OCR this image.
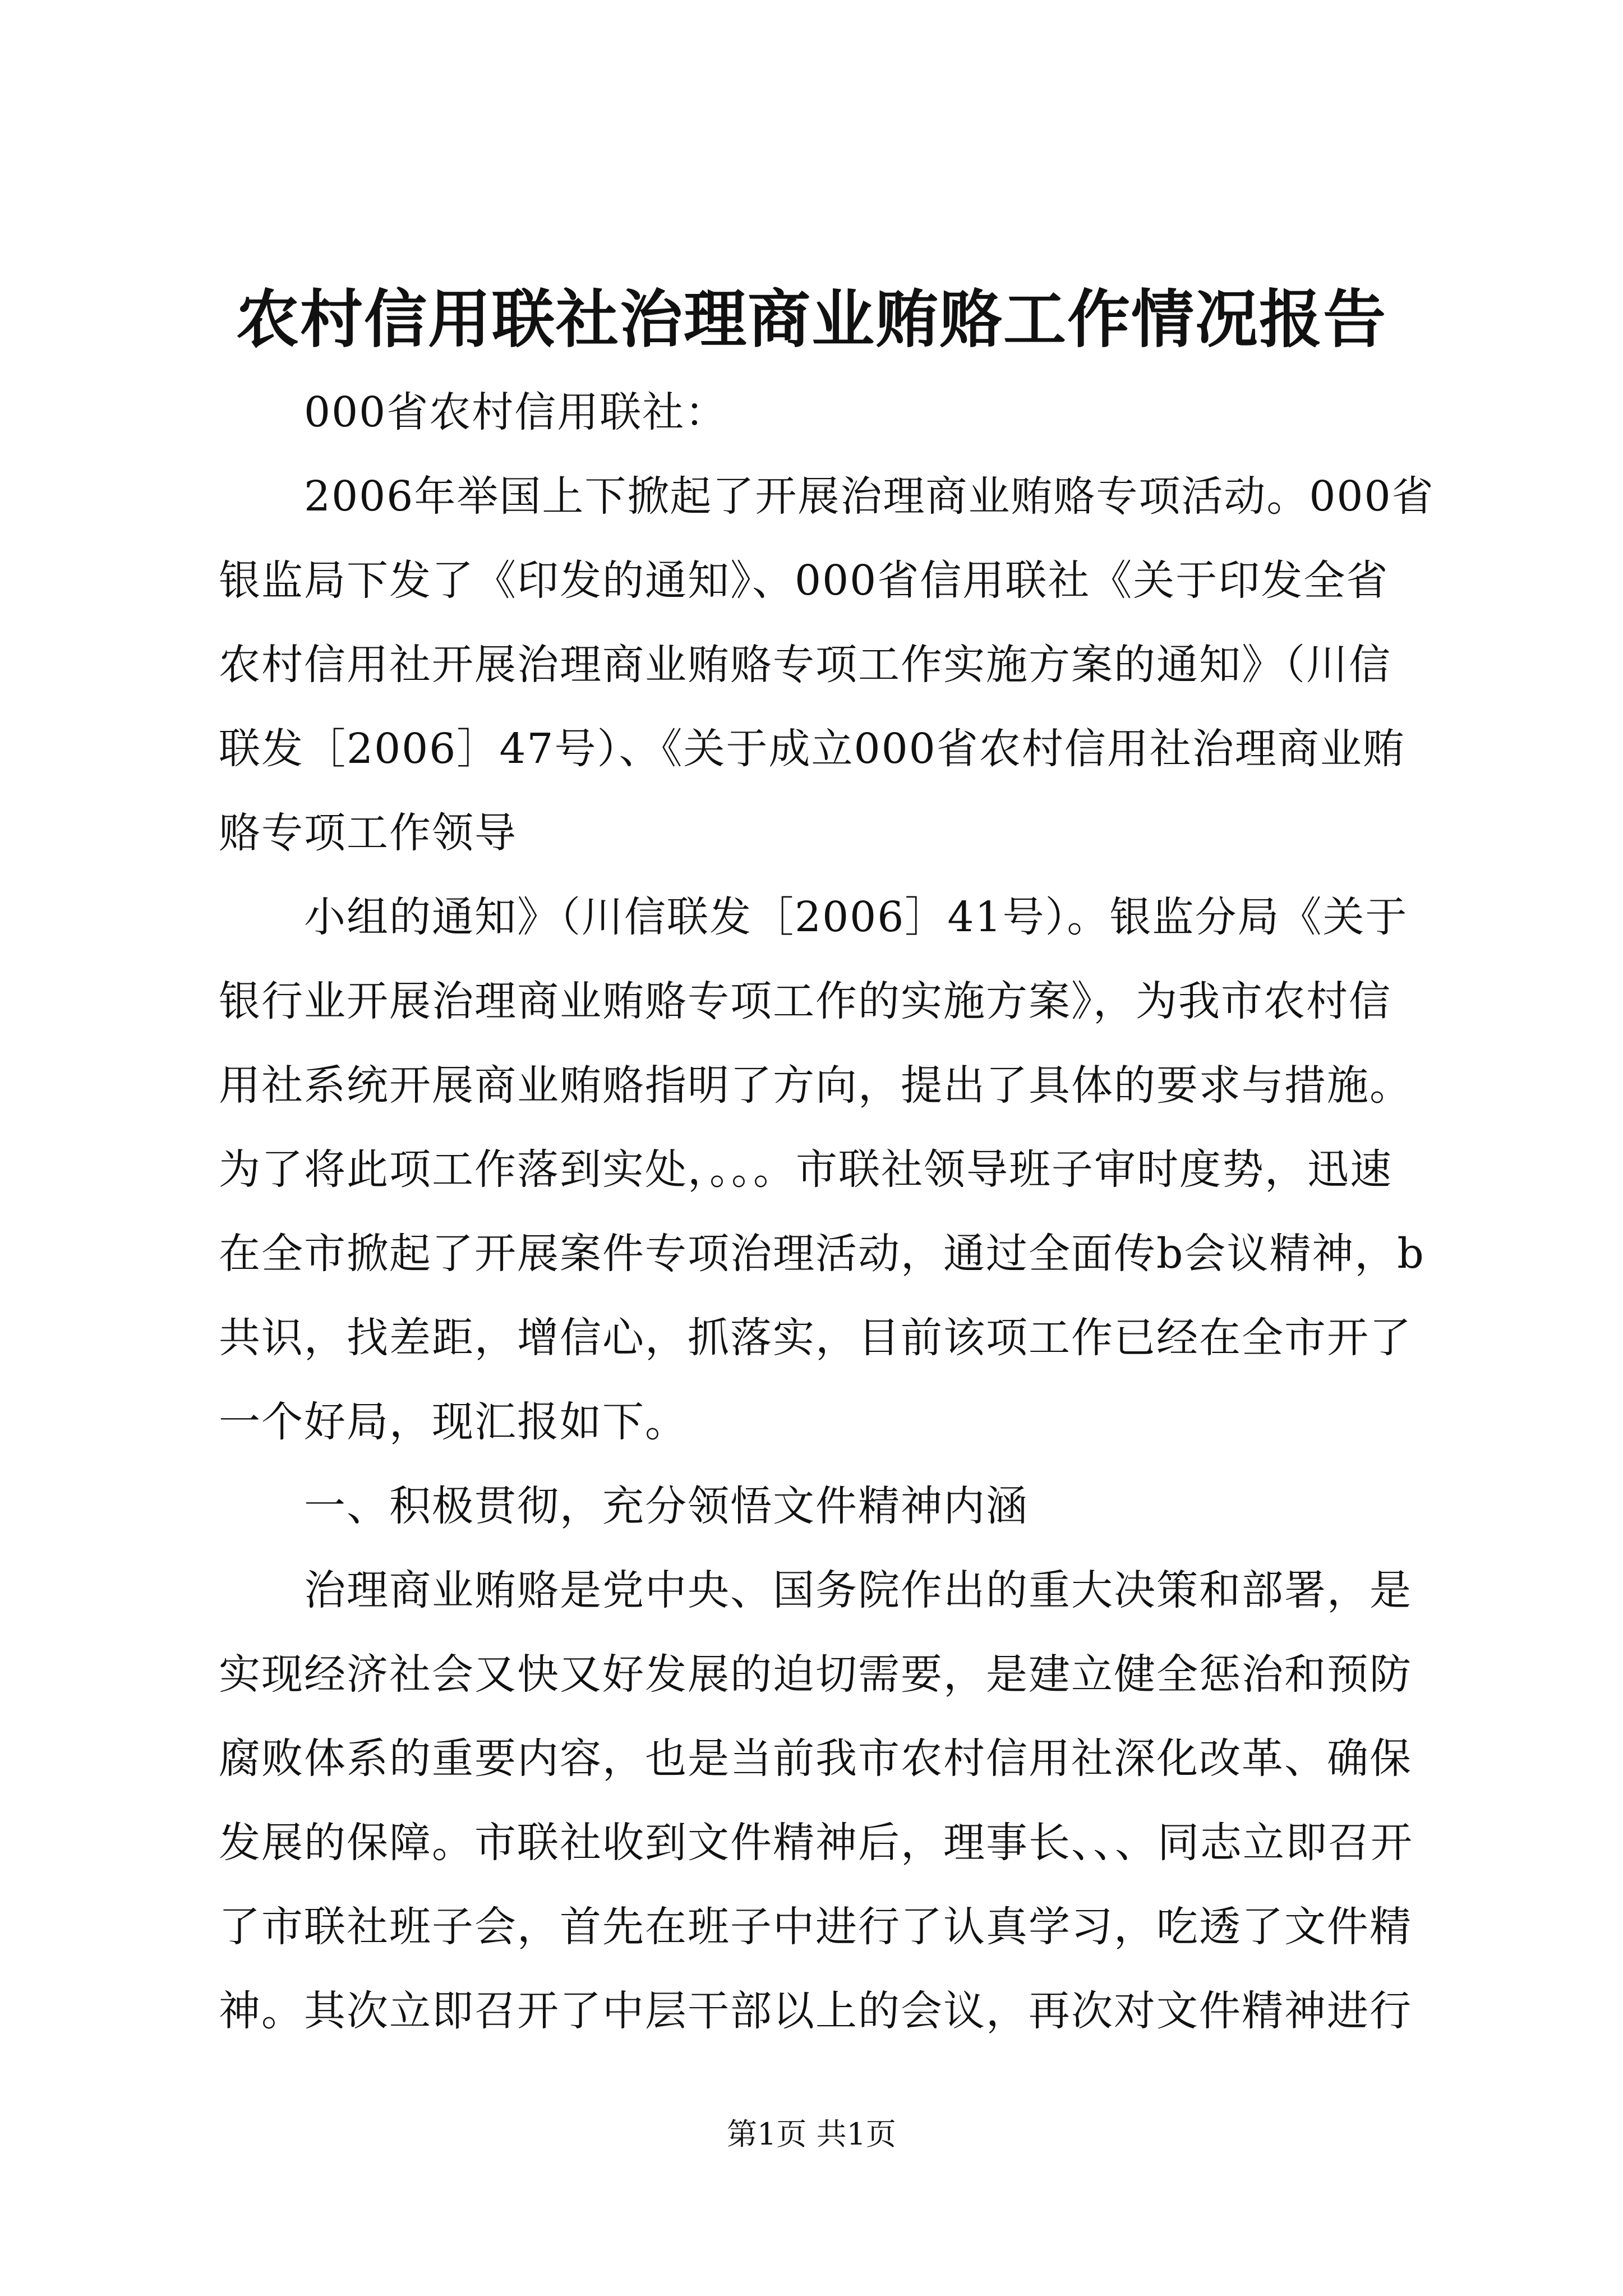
农村信用联社治理商业贿赂工作情况报告
　　000省农村信用联社：
　　2006年举国上下掀起了开展治理商业贿赂专项活动。000省
银监局下发了《印发的通知》、000省信用联社《关于印发全省
农村信用社开展治理商业贿赂专项工作实施方案的通知》（川信
联发［2006］47号）、《关于成立000省农村信用社治理商业贿
赂专项工作领导
　　小组的通知》（川信联发［2006］41号）。银监分局《关于
银行业开展治理商业贿赂专项工作的实施方案》，为我市农村信
用社系统开展商业贿赂指明了方向，提出了具体的要求与措施。
为了将此项工作落到实处，。。。市联社领导班子审时度势，迅速
在全市掀起了开展案件专项治理活动，通过全面传b会议精神，b
共识，找差距，增信心，抓落实，目前该项工作已经在全市开了
一个好局，现汇报如下。
　　一、积极贯彻，充分领悟文件精神内涵
　　治理商业贿赂是党中央、国务院作出的重大决策和部署，是
实现经济社会又快又好发展的迫切需要，是建立健全惩治和预防
腐败体系的重要内容，也是当前我市农村信用社深化改革、确保
发展的保障。市联社收到文件精神后，理事长、、、同志立即召开
了市联社班子会，首先在班子中进行了认真学习，吃透了文件精
神。其次立即召开了中层干部以上的会议，再次对文件精神进行
第1页 共1页
